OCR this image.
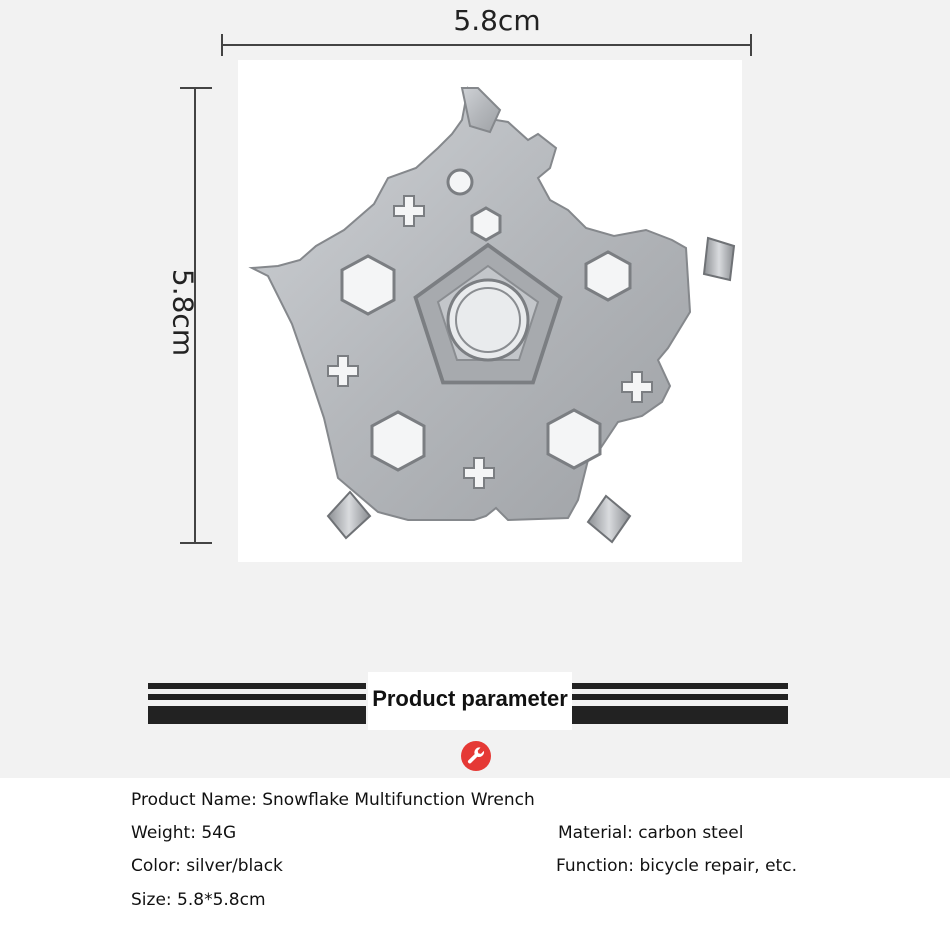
5.8cm
5.8cm
Product parameter
Product Name: Snowflake Multifunction Wrench
Weight: 54G	Material: carbon steel
Color: silver/black	Function: bicycle repair, etc.
Size: 5.8*5.8cm
